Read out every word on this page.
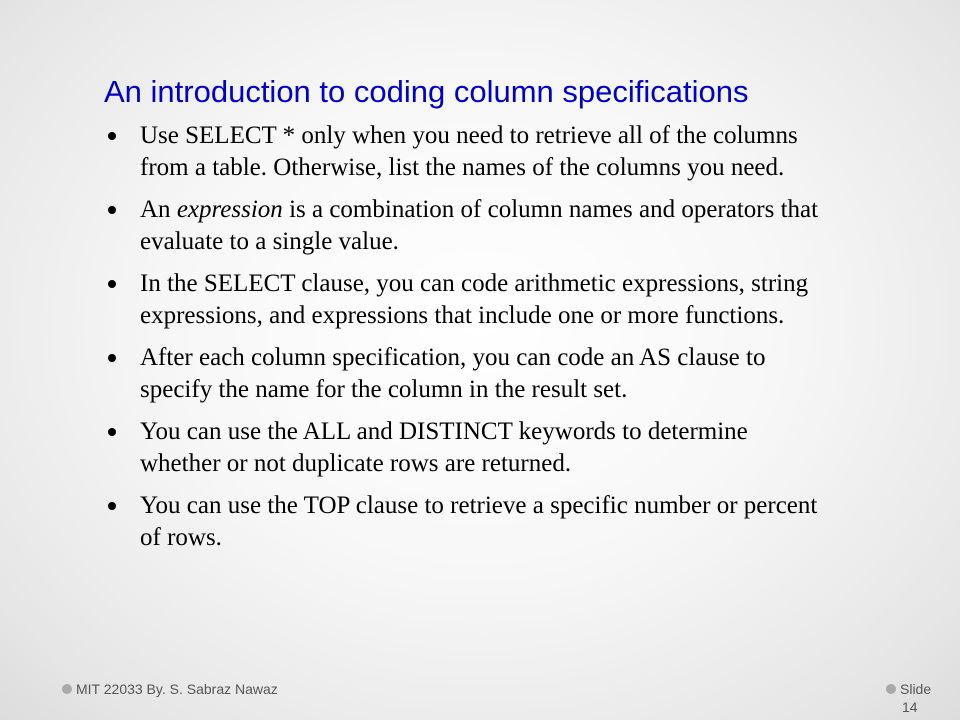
An introduction to coding column specifications
Use SELECT * only when you need to retrieve all of the columns from a table. Otherwise, list the names of the columns you need.
An expression is a combination of column names and operators that evaluate to a single value.
In the SELECT clause, you can code arithmetic expressions, string expressions, and expressions that include one or more functions.
After each column specification, you can code an AS clause to specify the name for the column in the result set.
You can use the ALL and DISTINCT keywords to determine whether or not duplicate rows are returned.
You can use the TOP clause to retrieve a specific number or percent of rows.
MIT 22033 By. S. Sabraz Nawaz	Slide
14
